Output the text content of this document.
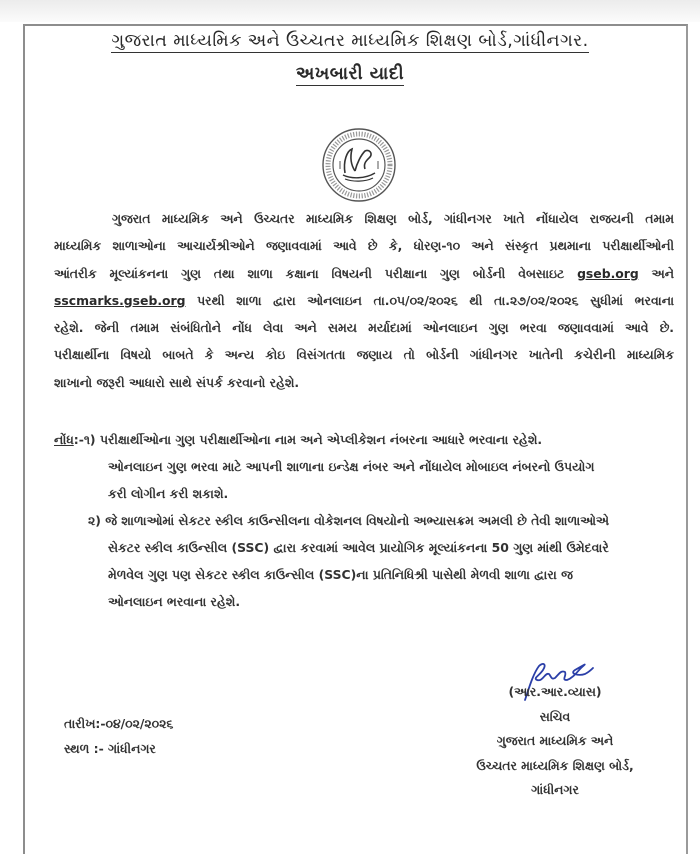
ગુજરાત માધ્યમિક અને ઉચ્ચતર માધ્યમિક શિક્ષણ બોર્ડ,ગાંધીનગર.
અખબારી યાદી
ગુજરાત માધ્યમિક અને ઉચ્ચતર માધ્યમિક શિક્ષણ બોર્ડ, ગાંધીનગર ખાતે નોંધાયેલ રાજયની તમામ
માધ્યમિક શાળાઓના આચાર્યશ્રીઓને જણાવવામાં આવે છે કે, ધોરણ-૧૦ અને સંસ્કૃત પ્રથમાના પરીક્ષાર્થીઓની
આંતરીક મૂલ્યાંકનના ગુણ તથા શાળા કક્ષાના વિષયની પરીક્ષાના ગુણ બોર્ડની વેબસાઇટ gseb.org અને
sscmarks.gseb.org પરથી શાળા દ્વારા ઓનલાઇન તા.૦૫/૦૨/૨૦૨૬ થી તા.૨૭/૦૨/૨૦૨૬ સુધીમાં ભરવાના
રહેશે. જેની તમામ સંબંધિતોને નોંધ લેવા અને સમય મર્યાદામાં ઓનલાઇન ગુણ ભરવા જણાવવામાં આવે છે.
પરીક્ષાર્થીના વિષયો બાબતે કે અન્ય કોઇ વિસંગતતા જણાય તો બોર્ડની ગાંધીનગર ખાતેની કચેરીની માધ્યમિક
શાખાનો જરૂરી આધારો સાથે સંપર્ક કરવાનો રહેશે.
નોંધ:-૧) પરીક્ષાર્થીઓના ગુણ પરીક્ષાર્થીઓના નામ અને એપ્લીકેશન નંબરના આધારે ભરવાના રહેશે.
ઓનલાઇન ગુણ ભરવા માટે આપની શાળાના ઇન્ડેક્ષ નંબર અને નોંધાયેલ મોબાઇલ નંબરનો ઉપયોગ
કરી લોગીન કરી શકાશે.
૨) જે શાળાઓમાં સેકટર સ્કીલ કાઉન્સીલના વોકેશનલ વિષયોનો અભ્યાસક્રમ અમલી છે તેવી શાળાઓએ
સેકટર સ્કીલ કાઉન્સીલ (SSC) દ્વારા કરવામાં આવેલ પ્રાયોગિક મૂલ્યાંકનના 50 ગુણ માંથી ઉમેદવારે
મેળવેલ ગુણ પણ સેકટર સ્કીલ કાઉન્સીલ (SSC)ના પ્રતિનિધિશ્રી પાસેથી મેળવી શાળા દ્વારા જ
ઓનલાઇન ભરવાના રહેશે.
તારીખ:-૦૪/૦૨/૨૦૨૬
સ્થળ :- ગાંધીનગર
(આર.આર.વ્યાસ)
સચિવ
ગુજરાત માધ્યમિક અને
ઉચ્ચતર માધ્યમિક શિક્ષણ બોર્ડ,
ગાંધીનગર
